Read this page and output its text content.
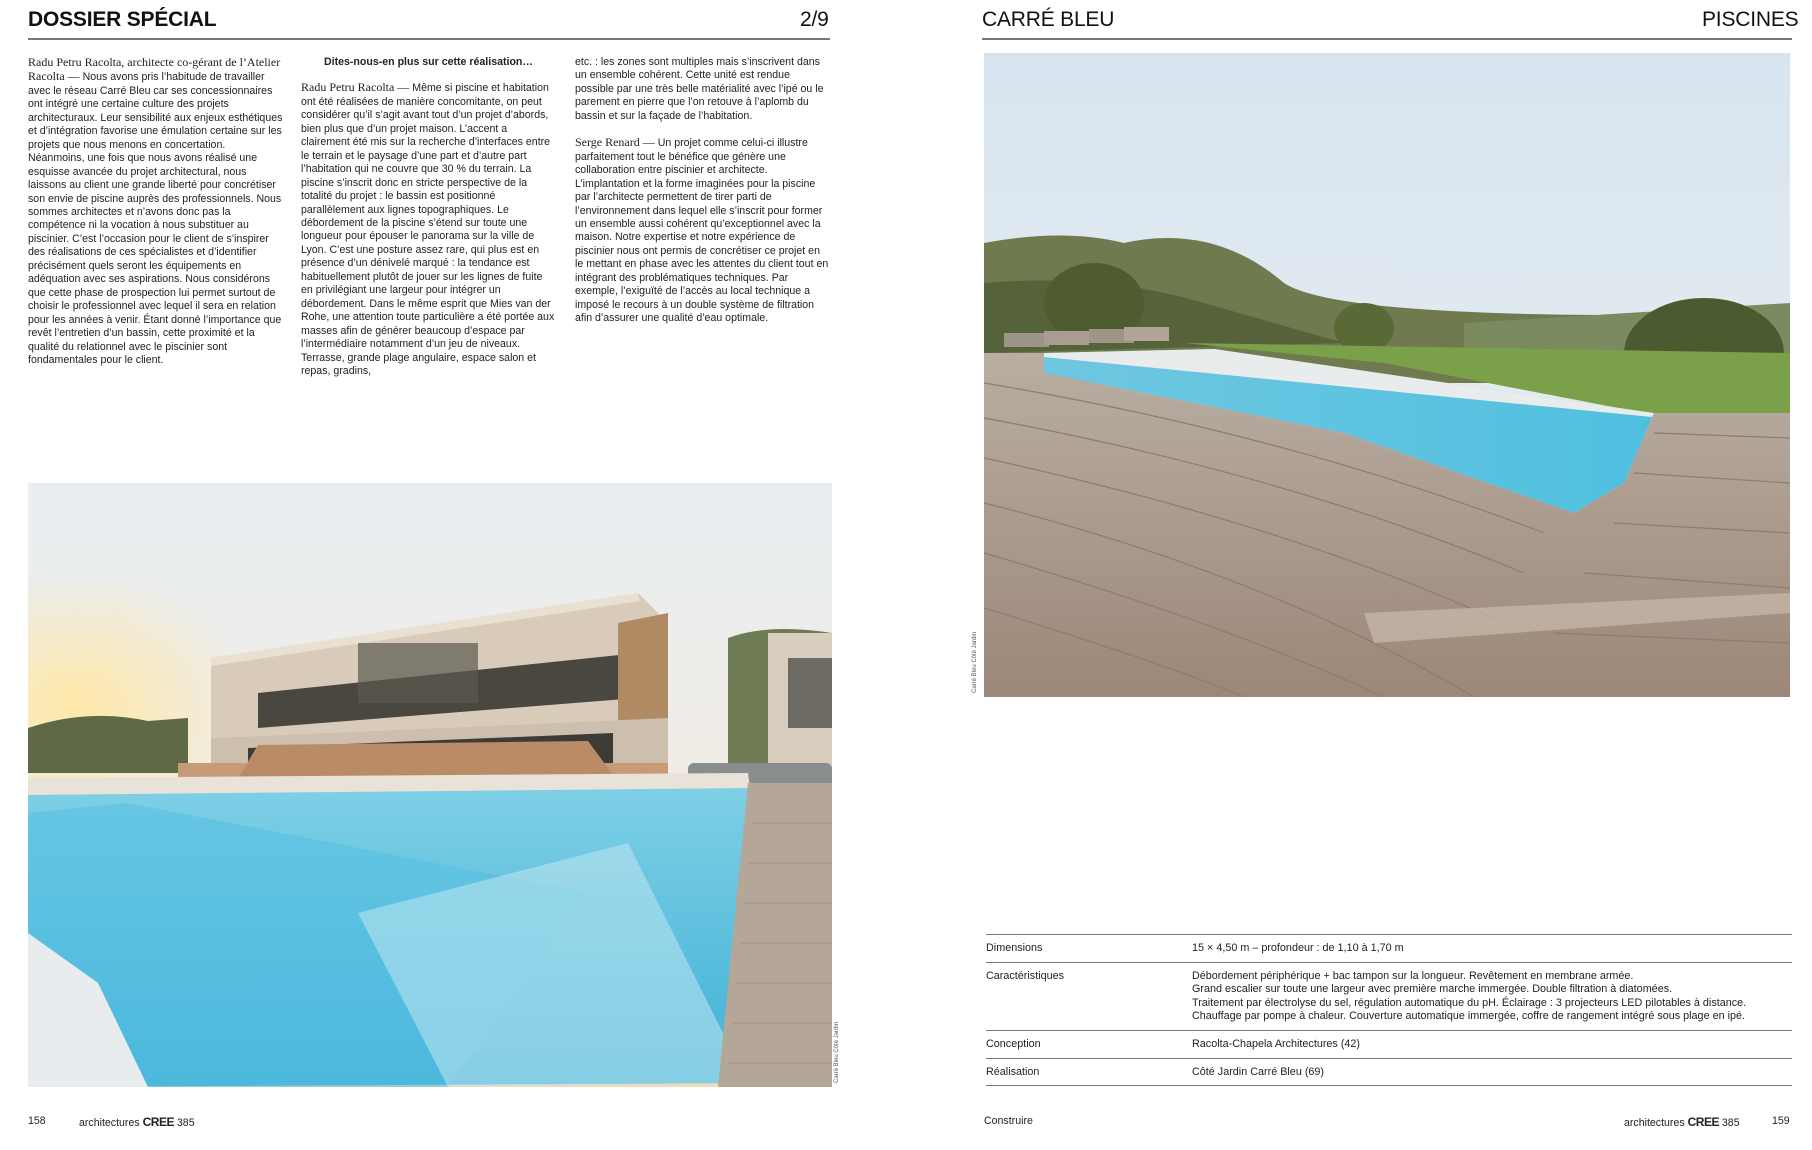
DOSSIER SPÉCIAL	2/9

Radu Petru Racolta, architecte co-gérant de l’Atelier Racolta — Nous avons pris l’habitude de travailler avec le réseau Carré Bleu car ses concessionnaires ont intégré une certaine culture des projets architecturaux. Leur sensibilité aux enjeux esthétiques et d’intégration favorise une émulation certaine sur les projets que nous menons en concertation. Néanmoins, une fois que nous avons réalisé une esquisse avancée du projet architectural, nous laissons au client une grande liberté pour concrétiser son envie de piscine auprès des professionnels. Nous sommes architectes et n’avons donc pas la compétence ni la vocation à nous substituer au piscinier. C’est l’occasion pour le client de s’inspirer des réalisations de ces spécialistes et d’identifier précisément quels seront les équipements en adéquation avec ses aspirations. Nous considérons que cette phase de prospection lui permet surtout de choisir le professionnel avec lequel il sera en relation pour les années à venir. Étant donné l’importance que revêt l’entretien d’un bassin, cette proximité et la qualité du relationnel avec le piscinier sont fondamentales pour le client.

Dites-nous-en plus sur cette réalisation…

Radu Petru Racolta — Même si piscine et habitation ont été réalisées de manière concomitante, on peut considérer qu’il s’agit avant tout d’un projet d’abords, bien plus que d’un projet maison. L’accent a clairement été mis sur la recherche d’interfaces entre le terrain et le paysage d’une part et d’autre part l’habitation qui ne couvre que 30 % du terrain. La piscine s’inscrit donc en stricte perspective de la totalité du projet : le bassin est positionné parallèlement aux lignes topographiques. Le débordement de la piscine s’étend sur toute une longueur pour épouser le panorama sur la ville de Lyon. C’est une posture assez rare, qui plus est en présence d’un dénivelé marqué : la tendance est habituellement plutôt de jouer sur les lignes de fuite en privilégiant une largeur pour intégrer un débordement. Dans le même esprit que Mies van der Rohe, une attention toute particulière a été portée aux masses afin de générer beaucoup d’espace par l’intermédiaire notamment d’un jeu de niveaux. Terrasse, grande plage angulaire, espace salon et repas, gradins,

etc. : les zones sont multiples mais s’inscrivent dans un ensemble cohérent. Cette unité est rendue possible par une très belle matérialité avec l’ipé ou le parement en pierre que l’on retouve à l’aplomb du bassin et sur la façade de l’habitation.

Serge Renard — Un projet comme celui-ci illustre parfaitement tout le bénéfice que génère une collaboration entre piscinier et architecte. L’implantation et la forme imaginées pour la piscine par l’architecte permettent de tirer parti de l’environnement dans lequel elle s’inscrit pour former un ensemble aussi cohérent qu’exceptionnel avec la maison. Notre expertise et notre expérience de piscinier nous ont permis de concrétiser ce projet en le mettant en phase avec les attentes du client tout en intégrant des problématiques techniques. Par exemple, l’exiguïté de l’accès au local technique a imposé le recours à un double système de filtration afin d’assurer une qualité d’eau optimale.

Carré Bleu Côté Jardin
158	architectures CREE 385
CARRÉ BLEU	PISCINES
Carré Bleu Côté Jardin
Dimensions	15 × 4,50 m – profondeur : de 1,10 à 1,70 m
Caractéristiques	Débordement périphérique + bac tampon sur la longueur. Revêtement en membrane armée.
Grand escalier sur toute une largeur avec première marche immergée. Double filtration à diatomées.
Traitement par électrolyse du sel, régulation automatique du pH. Éclairage : 3 projecteurs LED pilotables à distance.
Chauffage par pompe à chaleur. Couverture automatique immergée, coffre de rangement intégré sous plage en ipé.
Conception	Racolta-Chapela Architectures (42)
Réalisation	Côté Jardin Carré Bleu (69)
Construire	architectures CREE 385	159
